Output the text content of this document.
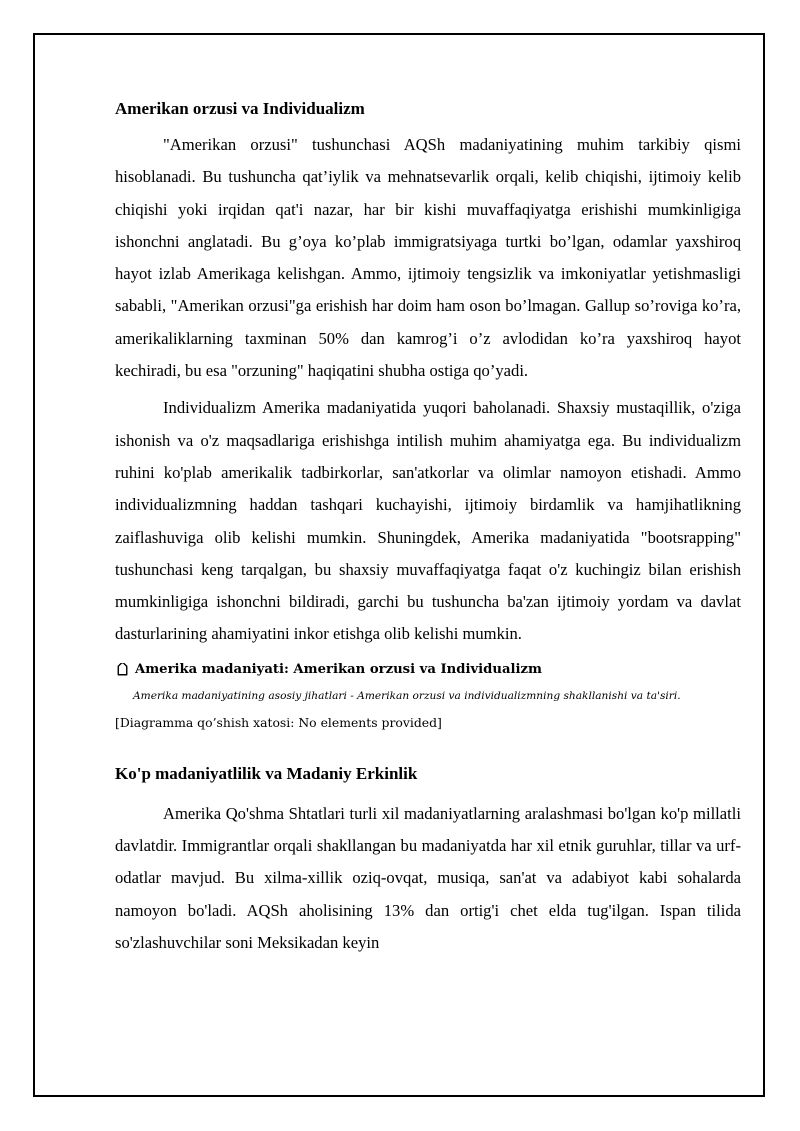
Amerikan orzusi va Individualizm

"Amerikan orzusi" tushunchasi AQSh madaniyatining muhim tarkibiy qismi hisoblanadi. Bu tushuncha qat’iylik va mehnatsevarlik orqali, kelib chiqishi, ijtimoiy kelib chiqishi yoki irqidan qat'i nazar, har bir kishi muvaffaqiyatga erishishi mumkinligiga ishonchni anglatadi. Bu g’oya ko’plab immigratsiyaga turtki bo’lgan, odamlar yaxshiroq hayot izlab Amerikaga kelishgan. Ammo, ijtimoiy tengsizlik va imkoniyatlar yetishmasligi sababli, "Amerikan orzusi"ga erishish har doim ham oson bo’lmagan. Gallup so’roviga ko’ra, amerikaliklarning taxminan 50% dan kamrog’i o’z avlodidan ko’ra yaxshiroq hayot kechiradi, bu esa "orzuning" haqiqatini shubha ostiga qo’yadi.

Individualizm Amerika madaniyatida yuqori baholanadi. Shaxsiy mustaqillik, o'ziga ishonish va o'z maqsadlariga erishishga intilish muhim ahamiyatga ega. Bu individualizm ruhini ko'plab amerikalik tadbirkorlar, san'atkorlar va olimlar namoyon etishadi. Ammo individualizmning haddan tashqari kuchayishi, ijtimoiy birdamlik va hamjihatlikning zaiflashuviga olib kelishi mumkin. Shuningdek, Amerika madaniyatida "bootsrapping" tushunchasi keng tarqalgan, bu shaxsiy muvaffaqiyatga faqat o'z kuchingiz bilan erishish mumkinligiga ishonchni bildiradi, garchi bu tushuncha ba'zan ijtimoiy yordam va davlat dasturlarining ahamiyatini inkor etishga olib kelishi mumkin.

Amerika madaniyati: Amerikan orzusi va Individualizm
Amerika madaniyatining asosiy jihatlari - Amerikan orzusi va individualizmning shakllanishi va ta'siri.
[Diagramma qo’shish xatosi: No elements provided]
Ko'p madaniyatlilik va Madaniy Erkinlik

Amerika Qo'shma Shtatlari turli xil madaniyatlarning aralashmasi bo'lgan ko'p millatli davlatdir. Immigrantlar orqali shakllangan bu madaniyatda har xil etnik guruhlar, tillar va urf-odatlar mavjud. Bu xilma-xillik oziq-ovqat, musiqa, san'at va adabiyot kabi sohalarda namoyon bo'ladi. AQSh aholisining 13% dan ortig'i chet elda tug'ilgan. Ispan tilida so'zlashuvchilar soni Meksikadan keyin
